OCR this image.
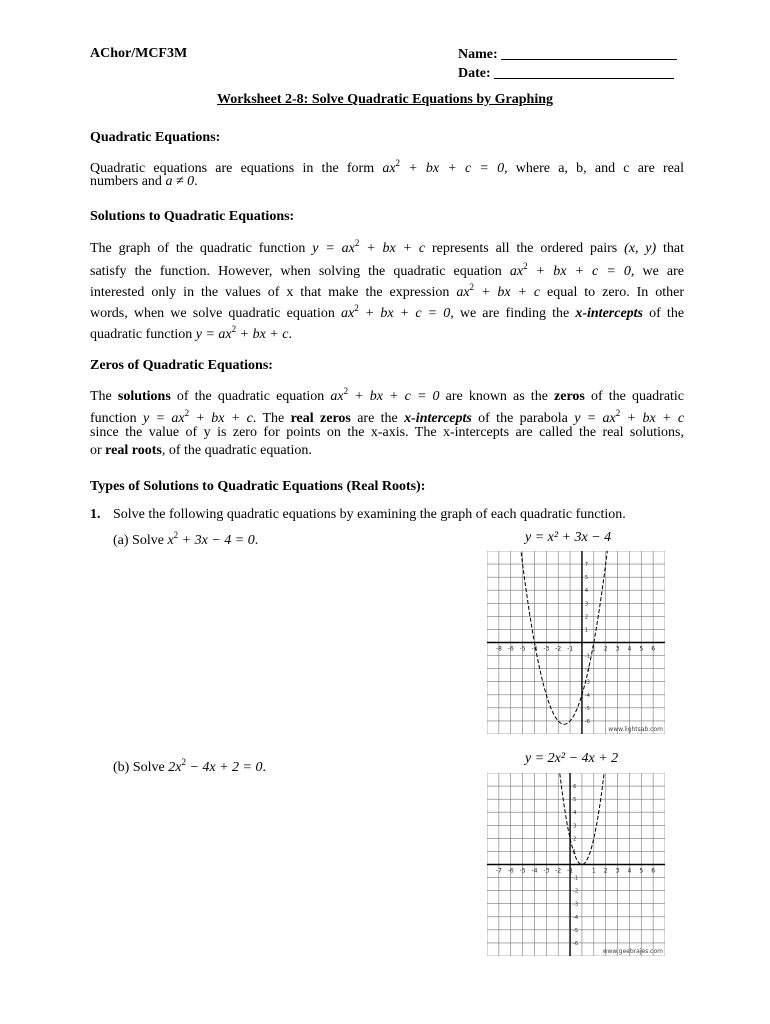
AChor/MCF3M	Name:
Date:
Worksheet 2-8: Solve Quadratic Equations by Graphing
Quadratic Equations:
Quadratic equations are equations in the form $ax^2$ + bx + c = 0, where a, b, and c are real
numbers and a ≠ 0.
Solutions to Quadratic Equations:
The graph of the quadratic function $y = ax^2$ + bx + c represents all the ordered pairs (x, y) that
satisfy the function. However, when solving the quadratic equation $ax^2$ + bx + c = 0, we are
interested only in the values of x that make the expression $ax^2$ + bx + c equal to zero. In other
words, when we solve quadratic equation $ax^2$ + bx + c = 0, we are finding the x-intercepts of the
quadratic function $y = ax^2$ + bx + c.
Zeros of Quadratic Equations:
The solutions of the quadratic equation $ax^2$ + bx + c = 0 are known as the zeros of the quadratic
function $y = ax^2$ + bx + c. The real zeros are the x-intercepts of the parabola $y = ax^2$ + bx + c
since the value of y is zero for points on the x-axis. The x-intercepts are called the real solutions,
or real roots, of the quadratic equation.
Types of Solutions to Quadratic Equations (Real Roots):
1. Solve the following quadratic equations by examining the graph of each quadratic function.
(a) Solve $x^2 + 3x - 4 = 0$.	y = x² + 3x − 4
(b) Solve $2x^2 - 4x + 2 = 0$.
y = 2x² − 4x + 2
-8 -6 -5 -4 -3 -2 -1	1 2 3 4 5 6
7
5
4
3
2
1
-1
-2
-3
-4
-5
-6
www.lightsab.com
-7 -6 -5 -4 -3 -2 -1	1 2 3 4 5 6
6
5
4
3
2
1
-1
-2
-3
-4
-5
-6
www.geebrajes.com
